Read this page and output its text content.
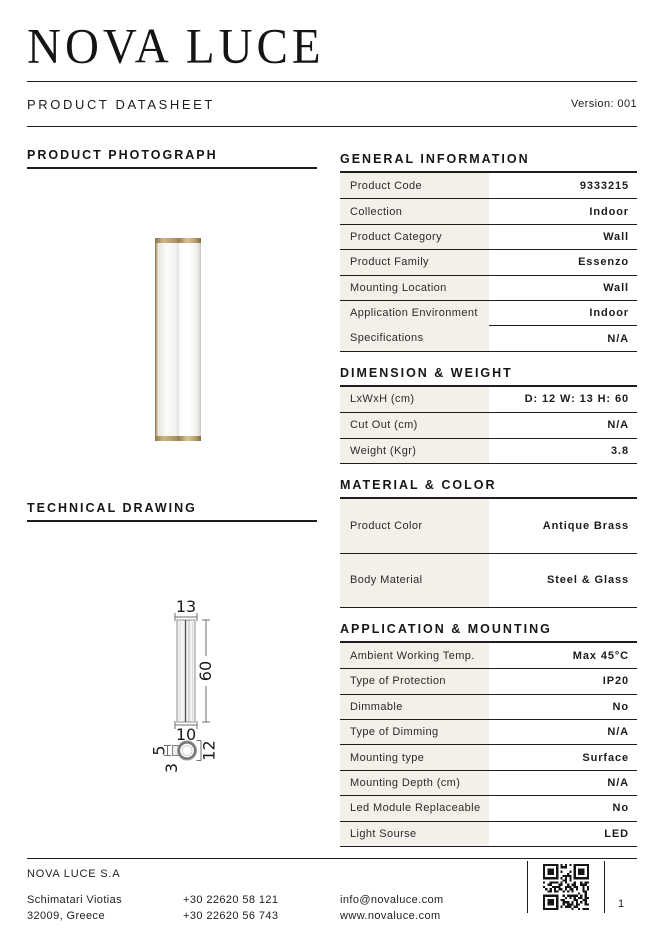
NOVA LUCE
PRODUCT DATASHEET	Version: 001
PRODUCT PHOTOGRAPH
TECHNICAL DRAWING
13
60
10
12
5
3
GENERAL INFORMATION
Product Code	9333215
Collection	Indoor
Product Category	Wall
Product Family	Essenzo
Mounting Location	Wall
Application Environment	Indoor
Specifications	N/A
DIMENSION & WEIGHT
LxWxH (cm)	D: 12 W: 13 H: 60
Cut Out (cm)	N/A
Weight (Kgr)	3.8
MATERIAL & COLOR
Product Color	Antique Brass
Body Material	Steel & Glass
APPLICATION & MOUNTING
Ambient Working Temp.	Max 45°C
Type of Protection	IP20
Dimmable	No
Type of Dimming	N/A
Mounting type	Surface
Mounting Depth (cm)	N/A
Led Module Replaceable	No
Light Sourse	LED
NOVA LUCE S.A
Schimatari Viotias
32009, Greece
+30 22620 58 121
+30 22620 56 743
info@novaluce.com
www.novaluce.com
1
